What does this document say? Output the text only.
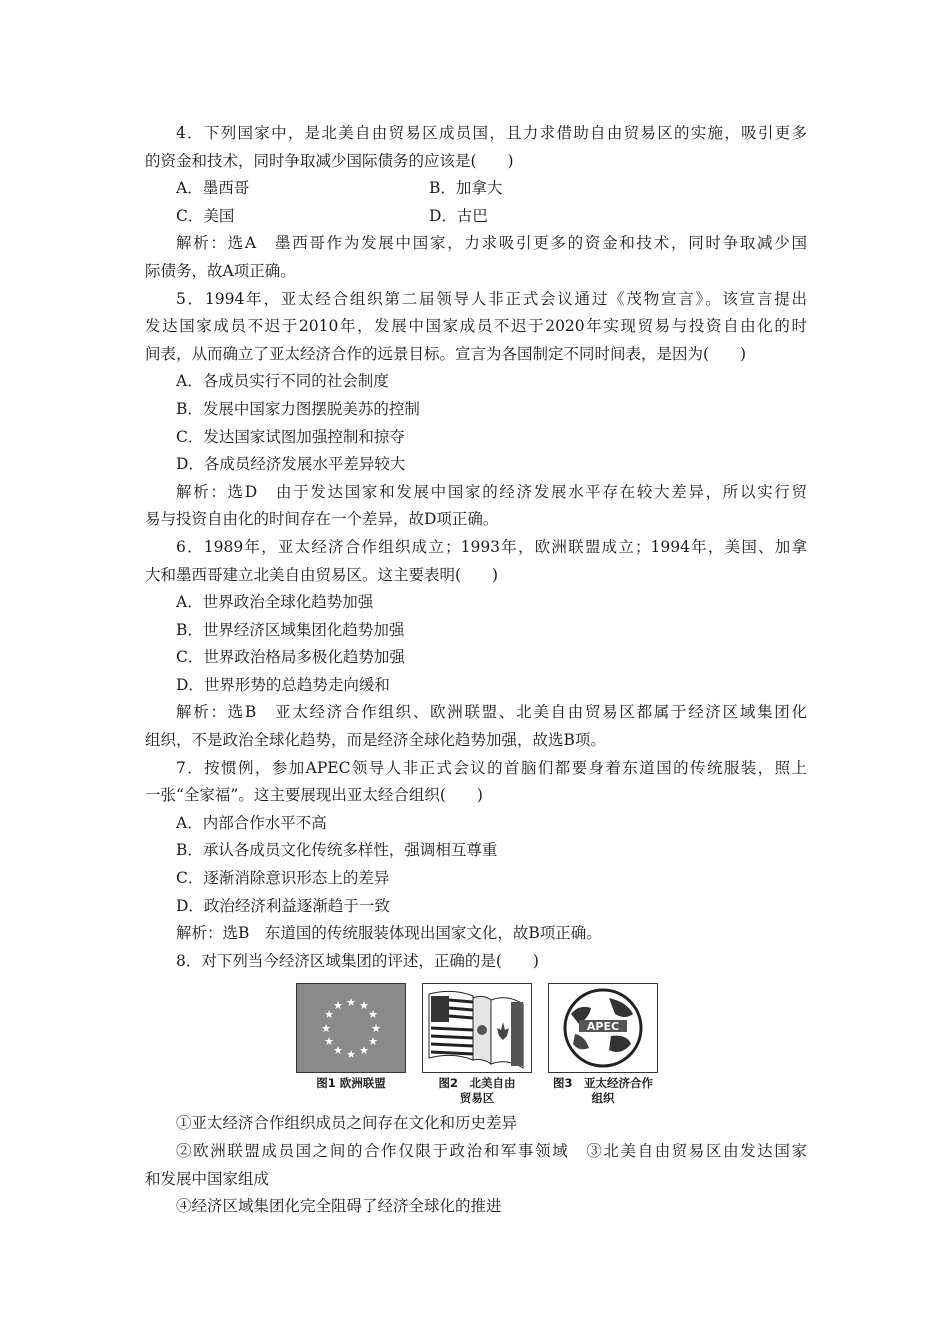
4．下列国家中，是北美自由贸易区成员国，且力求借助自由贸易区的实施，吸引更多
的资金和技术，同时争取减少国际债务的应该是(　　)
A．墨西哥	B．加拿大
C．美国	D．古巴
解析：选A　墨西哥作为发展中国家，力求吸引更多的资金和技术，同时争取减少国
际债务，故A项正确。
5．1994年，亚太经合组织第二届领导人非正式会议通过《茂物宣言》。该宣言提出
发达国家成员不迟于2010年，发展中国家成员不迟于2020年实现贸易与投资自由化的时
间表，从而确立了亚太经济合作的远景目标。宣言为各国制定不同时间表，是因为(　　)
A．各成员实行不同的社会制度
B．发展中国家力图摆脱美苏的控制
C．发达国家试图加强控制和掠夺
D．各成员经济发展水平差异较大
解析：选D　由于发达国家和发展中国家的经济发展水平存在较大差异，所以实行贸
易与投资自由化的时间存在一个差异，故D项正确。
6．1989年，亚太经济合作组织成立；1993年，欧洲联盟成立；1994年，美国、加拿
大和墨西哥建立北美自由贸易区。这主要表明(　　)
A．世界政治全球化趋势加强
B．世界经济区域集团化趋势加强
C．世界政治格局多极化趋势加强
D．世界形势的总趋势走向缓和
解析：选B　亚太经济合作组织、欧洲联盟、北美自由贸易区都属于经济区域集团化
组织，不是政治全球化趋势，而是经济全球化趋势加强，故选B项。
7．按惯例，参加APEC领导人非正式会议的首脑们都要身着东道国的传统服装，照上
一张“全家福”。这主要展现出亚太经合组织(　　)
A．内部合作水平不高
B．承认各成员文化传统多样性，强调相互尊重
C．逐渐消除意识形态上的差异
D．政治经济利益逐渐趋于一致
解析：选B　东道国的传统服装体现出国家文化，故B项正确。
8．对下列当今经济区域集团的评述，正确的是(　　)
★ ★
★
★
★
★
★
★
★
★
★
★
图1 欧洲联盟	图2　北美自由
贸易区
APEC
图3　亚太经济合作
组织
①亚太经济合作组织成员之间存在文化和历史差异
②欧洲联盟成员国之间的合作仅限于政治和军事领域　③北美自由贸易区由发达国家
和发展中国家组成
④经济区域集团化完全阻碍了经济全球化的推进
